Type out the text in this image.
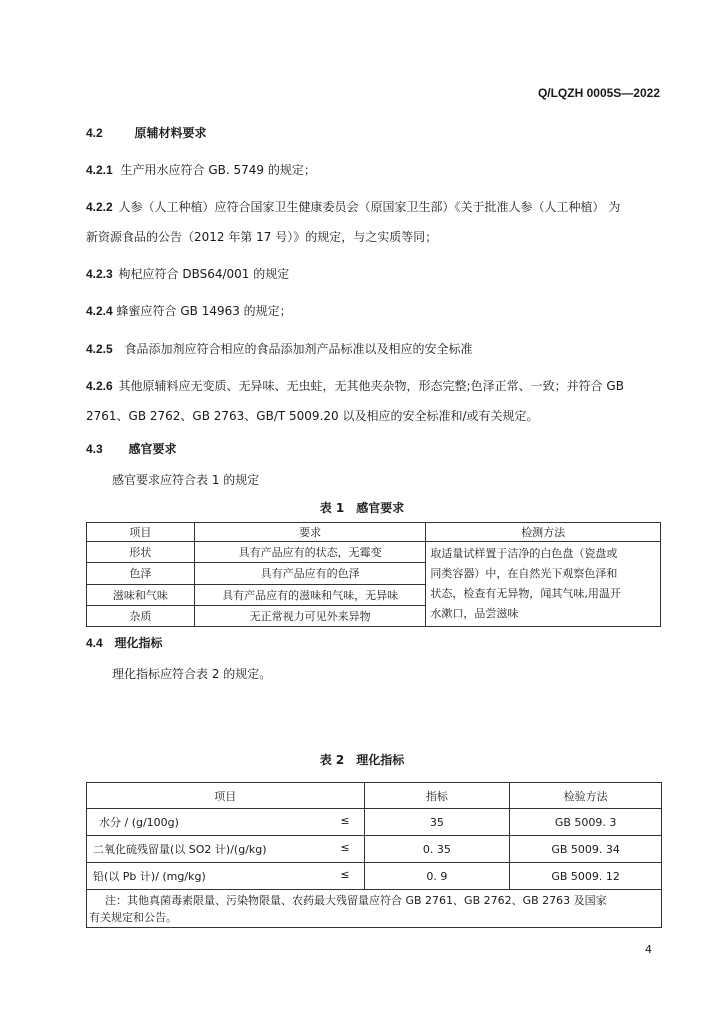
Q/LQZH 0005S—2022
4.2	原辅材料要求
4.2.1 生产用水应符合 GB. 5749 的规定；
4.2.2 人参（人工种植）应符合国家卫生健康委员会（原国家卫生部）《关于批准人参（人工种植） 为
新资源食品的公告（2012 年第 17 号）》的规定，与之实质等同；
4.2.3 枸杞应符合 DBS64/001 的规定
4.2.4 蜂蜜应符合 GB 14963 的规定；
4.2.5 食品添加剂应符合相应的食品添加剂产品标准以及相应的安全标准
4.2.6 其他原辅料应无变质、无异味、无虫蛀，无其他夹杂物，形态完整;色泽正常、一致；并符合 GB
2761、GB 2762、GB 2763、GB/T 5009.20 以及相应的安全标准和/或有关规定。
4.3 感官要求
感官要求应符合表 1 的规定
表 1　感官要求
项目	要求	检测方法
形状	具有产品应有的状态，无霉变	取适量试样置于洁净的白色盘（瓷盘或
同类容器）中，在自然光下观察色泽和
状态，检查有无异物，闻其气味,用温开
水漱口，品尝滋味

色泽	具有产品应有的色泽	
滋味和气味	具有产品应有的滋味和气味，无异味	
杂质	无正常视力可见外来异物	
4.4 理化指标
理化指标应符合表 2 的规定。
表 2　理化指标
项目	指标	检验方法
水分 / (g/100g) ≤	35	GB 5009. 3
二氧化硫残留量(以 SO2 计)/(g/kg) ≤	0. 35	GB 5009. 34
铅(以 Pb 计)/ (mg/kg) ≤	0. 9	GB 5009. 12

注：其他真菌毒素限量、污染物限量、农药最大残留量应符合 GB 2761、GB 2762、GB 2763 及国家
有关规定和公告。		
4
